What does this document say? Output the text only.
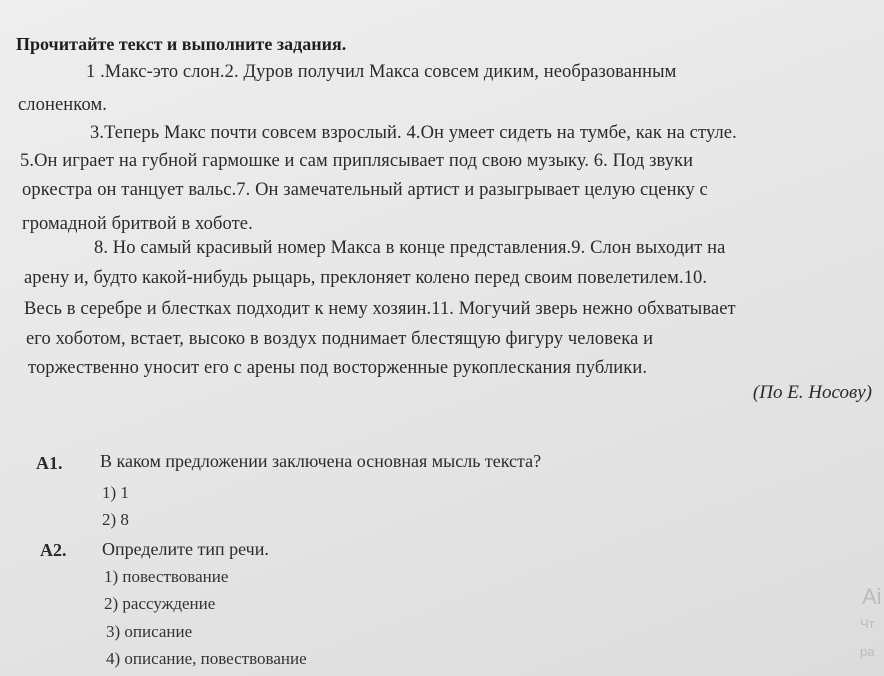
Прочитайте текст и выполните задания.
1 .Макс-это слон.2. Дуров получил Макса совсем диким, необразованным
слоненком.
3.Теперь Макс почти совсем взрослый. 4.Он умеет сидеть на тумбе, как на стуле.
5.Он играет на губной гармошке и сам приплясывает под свою музыку. 6. Под звуки
оркестра он танцует вальс.7. Он замечательный артист и разыгрывает целую сценку с
громадной бритвой в хоботе.
8. Но самый красивый номер Макса в конце представления.9. Слон выходит на
арену и, будто какой-нибудь рыцарь, преклоняет колено перед своим повелетилем.10.
Весь в серебре и блестках подходит к нему хозяин.11. Могучий зверь нежно обхватывает
его хоботом, встает, высоко в воздух поднимает блестящую фигуру человека и
торжественно уносит его с арены под восторженные рукоплескания публики.
(По Е. Носову)
А1. В каком предложении заключена основная мысль текста?
1) 1
2) 8
А2. Определите тип речи.
1) повествование
2) рассуждение
3) описание
4) описание, повествование
Ai
Чт
pa
